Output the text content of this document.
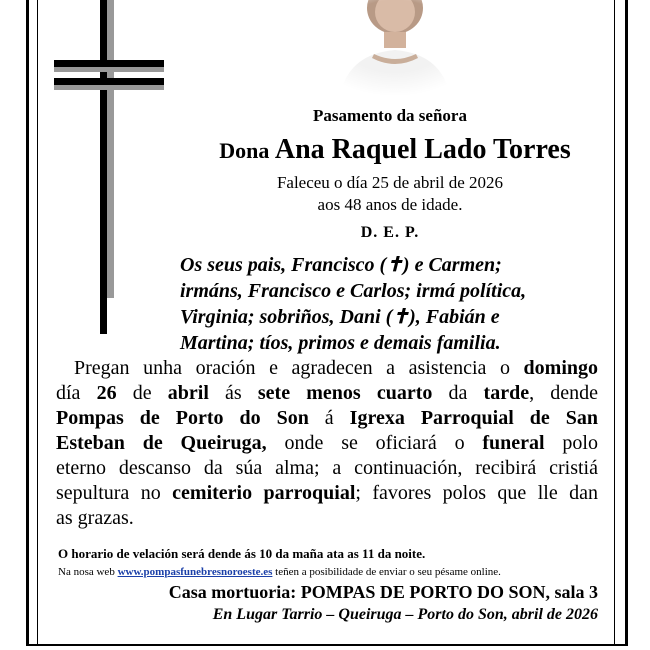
Pasamento da señora
Dona Ana Raquel Lado Torres
Faleceu o día 25 de abril de 2026
aos 48 anos de idade.
D. E. P.
Os seus pais, Francisco (✝) e Carmen;
irmáns, Francisco e Carlos; irmá política,
Virginia; sobriños, Dani (✝), Fabián e
Martina; tíos, primos e demais familia.
Pregan unha oración e agradecen a asistencia o domingo
día 26 de abril ás sete menos cuarto da tarde, dende
Pompas de Porto do Son á Igrexa Parroquial de San
Esteban de Queiruga, onde se oficiará o funeral polo
eterno descanso da súa alma; a continuación, recibirá cristiá
sepultura no cemiterio parroquial; favores polos que lle dan
as grazas.
O horario de velación será dende ás 10 da maña ata as 11 da noite.
Na nosa web www.pompasfunebresnoroeste.es teñen a posibilidade de enviar o seu pésame online.
Casa mortuoria: POMPAS DE PORTO DO SON, sala 3
En Lugar Tarrio – Queiruga – Porto do Son, abril de 2026
